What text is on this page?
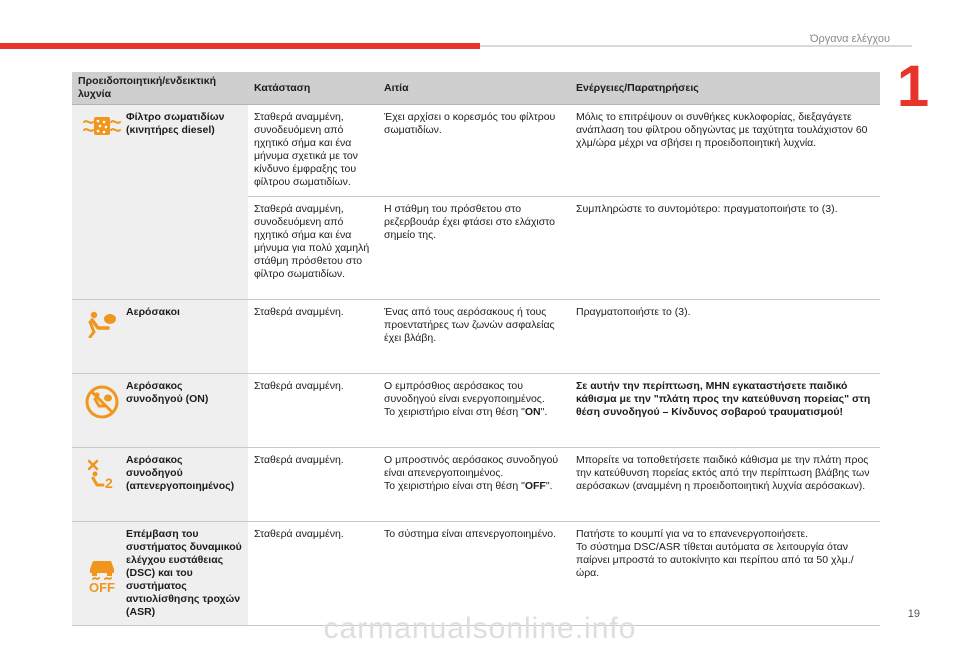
Όργανα ελέγχου
1
Προειδοποιητική/ενδεικτική λυχνία	Κατάσταση	Αιτία	Ενέργειες/Παρατηρήσεις

Φίλτρο σωματιδίων (κινητήρες diesel)	Σταθερά αναμμένη, συνοδευόμενη από ηχητικό σήμα και ένα μήνυμα σχετικά με τον κίνδυνο έμφραξης του φίλτρου σωματιδίων.	Έχει αρχίσει ο κορεσμός του φίλτρου σωματιδίων.	Μόλις το επιτρέψουν οι συνθήκες κυκλοφορίας, διεξαγάγετε ανάπλαση του φίλτρου οδηγώντας με ταχύτητα τουλάχιστον 60 χλμ/ώρα μέχρι να σβήσει η προειδοποιητική λυχνία.
	Σταθερά αναμμένη, συνοδευόμενη από ηχητικό σήμα και ένα μήνυμα για πολύ χαμηλή στάθμη πρόσθετου στο φίλτρο σωματιδίων.	Η στάθμη του πρόσθετου στο ρεζερβουάρ έχει φτάσει στο ελάχιστο σημείο της.	Συμπληρώστε το συντομότερο: πραγματοποιήστε το (3).

Αερόσακοι	Σταθερά αναμμένη.	Ένας από τους αερόσακους ή τους προεντατήρες των ζωνών ασφαλείας έχει βλάβη.	Πραγματοποιήστε το (3).

Αερόσακος συνοδηγού (ON)	Σταθερά αναμμένη.	Ο εμπρόσθιος αερόσακος του συνοδηγού είναι ενεργοποιημένος.
Το χειριστήριο είναι στη θέση "ON".	Σε αυτήν την περίπτωση, ΜΗΝ εγκαταστήσετε παιδικό κάθισμα με την "πλάτη προς την κατεύθυνση πορείας" στη θέση συνοδηγού – Κίνδυνος σοβαρού τραυματισμού!

2
Αερόσακος συνοδηγού (απενεργοποιημένος)	Σταθερά αναμμένη.	Ο μπροστινός αερόσακος συνοδηγού είναι απενεργοποιημένος.
Το χειριστήριο είναι στη θέση "OFF".	Μπορείτε να τοποθετήσετε παιδικό κάθισμα με την πλάτη προς την κατεύθυνση πορείας εκτός από την περίπτωση βλάβης των αερόσακων (αναμμένη η προειδοποιητική λυχνία αερόσακων).

OFF
Επέμβαση του συστήματος δυναμικού ελέγχου ευστάθειας (DSC) και του συστήματος αντιολίσθησης τροχών (ASR)	Σταθερά αναμμένη.	Το σύστημα είναι απενεργοποιημένο.	Πατήστε το κουμπί για να το επανενεργοποιήσετε.
Το σύστημα DSC/ASR τίθεται αυτόματα σε λειτουργία όταν παίρνει μπροστά το αυτοκίνητο και περίπου από τα 50 χλμ./ώρα.
19
carmanualsonline.info
